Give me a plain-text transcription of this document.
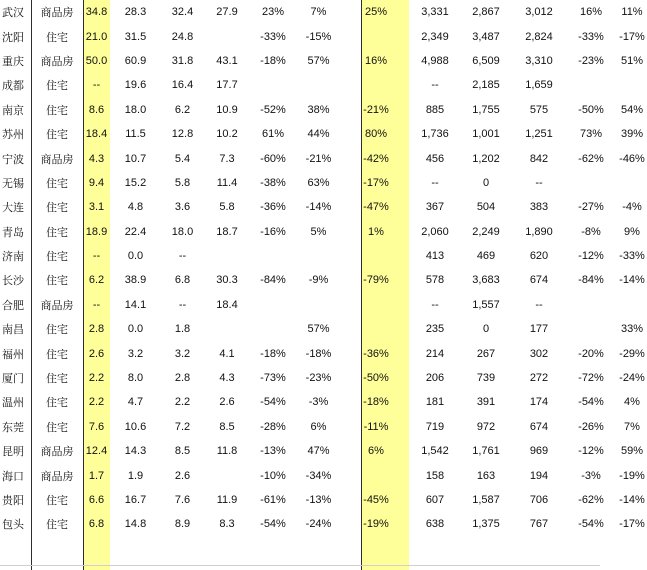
武汉	商品房	34.8	28.3	32.4	27.9	23%	7%	25%	3,331	2,867	3,012	16%	11%
沈阳	住宅	21.0	31.5	24.8		-33%	-15%		2,349	3,487	2,824	-33%	-17%
重庆	商品房	50.0	60.9	31.8	43.1	-18%	57%	16%	4,988	6,509	3,310	-23%	51%
成都	住宅	--	19.6	16.4	17.7				--	2,185	1,659		
南京	住宅	8.6	18.0	6.2	10.9	-52%	38%	-21%	885	1,755	575	-50%	54%
苏州	住宅	18.4	11.5	12.8	10.2	61%	44%	80%	1,736	1,001	1,251	73%	39%
宁波	商品房	4.3	10.7	5.4	7.3	-60%	-21%	-42%	456	1,202	842	-62%	-46%
无锡	住宅	9.4	15.2	5.8	11.4	-38%	63%	-17%	--	0	--		
大连	住宅	3.1	4.8	3.6	5.8	-36%	-14%	-47%	367	504	383	-27%	-4%
青岛	住宅	18.9	22.4	18.0	18.7	-16%	5%	1%	2,060	2,249	1,890	-8%	9%
济南	住宅	--	0.0	--					413	469	620	-12%	-33%
长沙	住宅	6.2	38.9	6.8	30.3	-84%	-9%	-79%	578	3,683	674	-84%	-14%
合肥	商品房	--	14.1	--	18.4				--	1,557	--		
南昌	住宅	2.8	0.0	1.8			57%		235	0	177		33%
福州	住宅	2.6	3.2	3.2	4.1	-18%	-18%	-36%	214	267	302	-20%	-29%
厦门	住宅	2.2	8.0	2.8	4.3	-73%	-23%	-50%	206	739	272	-72%	-24%
温州	住宅	2.2	4.7	2.2	2.6	-54%	-3%	-18%	181	391	174	-54%	4%
东莞	住宅	7.6	10.6	7.2	8.5	-28%	6%	-11%	719	972	674	-26%	7%
昆明	商品房	12.4	14.3	8.5	11.8	-13%	47%	6%	1,542	1,761	969	-12%	59%
海口	商品房	1.7	1.9	2.6		-10%	-34%		158	163	194	-3%	-19%
贵阳	住宅	6.6	16.7	7.6	11.9	-61%	-13%	-45%	607	1,587	706	-62%	-14%
包头	住宅	6.8	14.8	8.9	8.3	-54%	-24%	-19%	638	1,375	767	-54%	-17%
